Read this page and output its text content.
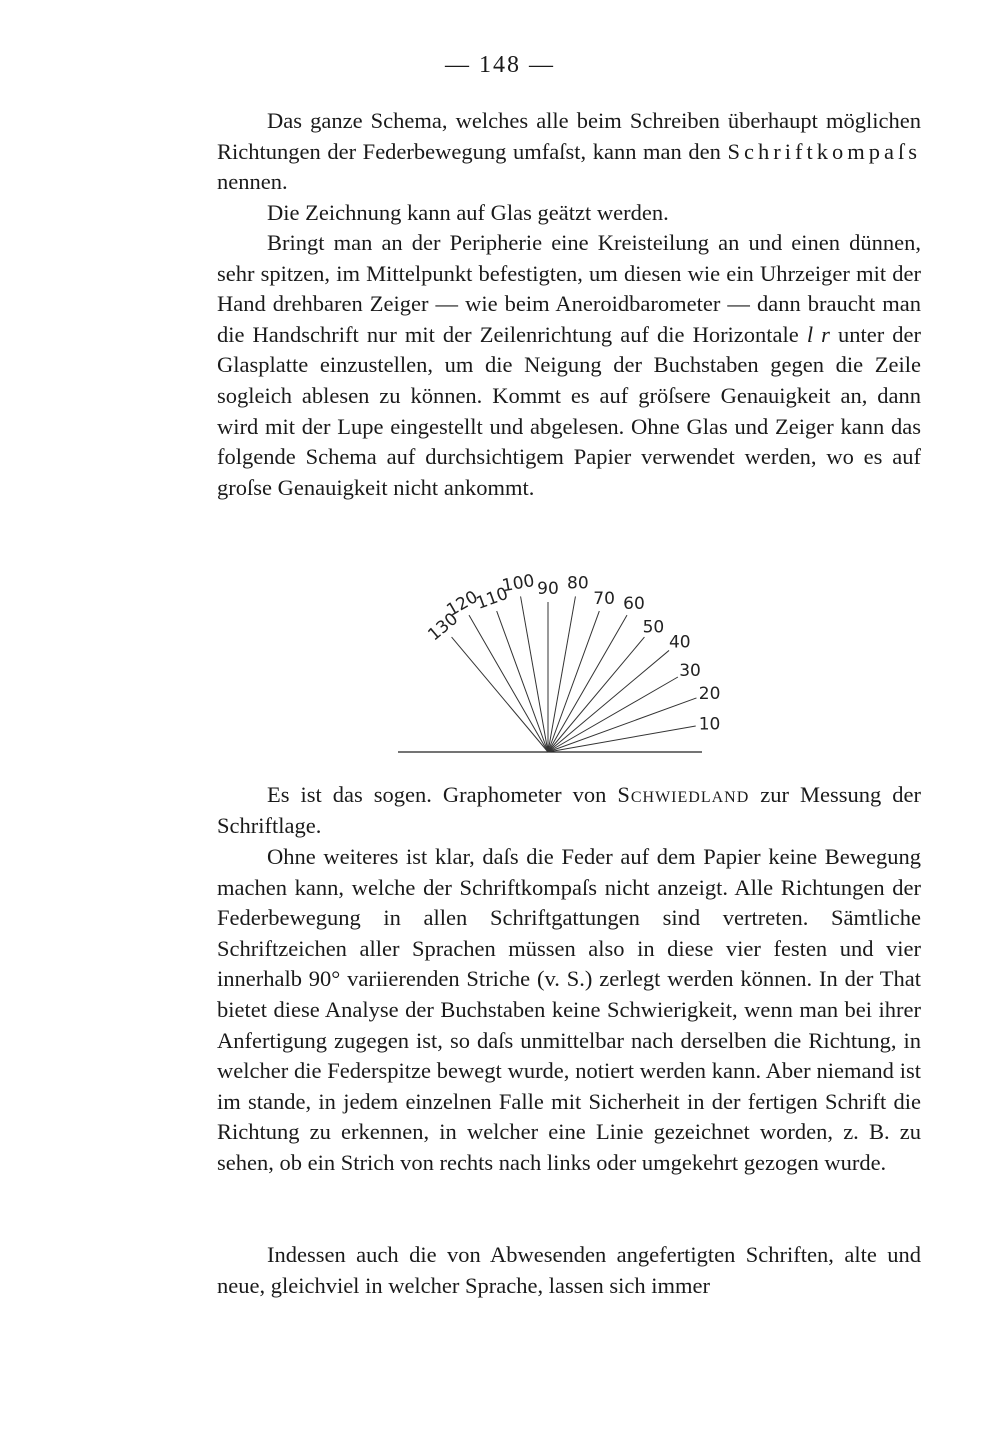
— 148 —

Das ganze Schema, welches alle beim Schreiben überhaupt möglichen Richtungen der Federbewegung umfaſst, kann man den Schriftkompaſs nennen.

Die Zeichnung kann auf Glas geätzt werden.

Bringt man an der Peripherie eine Kreisteilung an und einen dünnen, sehr spitzen, im Mittelpunkt befestigten, um diesen wie ein Uhrzeiger mit der Hand drehbaren Zeiger — wie beim Aneroidbarometer — dann braucht man die Handschrift nur mit der Zeilenrichtung auf die Horizontale l r unter der Glasplatte einzustellen, um die Neigung der Buchstaben gegen die Zeile sogleich ablesen zu können. Kommt es auf gröſsere Genauigkeit an, dann wird mit der Lupe eingestellt und abgelesen. Ohne Glas und Zeiger kann das folgende Schema auf durchsichtigem Papier verwendet werden, wo es auf groſse Genauigkeit nicht ankommt.

10
20
30
40
50
60
70
80
90
100
110
120
130

Es ist das sogen. Graphometer von Schwiedland zur Messung der Schriftlage.

Ohne weiteres ist klar, daſs die Feder auf dem Papier keine Bewegung machen kann, welche der Schriftkompaſs nicht anzeigt. Alle Richtungen der Federbewegung in allen Schriftgattungen sind vertreten. Sämtliche Schriftzeichen aller Sprachen müssen also in diese vier festen und vier innerhalb 90° variierenden Striche (v. S.) zerlegt werden können. In der That bietet diese Analyse der Buchstaben keine Schwierigkeit, wenn man bei ihrer Anfertigung zugegen ist, so daſs unmittelbar nach derselben die Richtung, in welcher die Federspitze bewegt wurde, notiert werden kann. Aber niemand ist im stande, in jedem einzelnen Falle mit Sicherheit in der fertigen Schrift die Richtung zu erkennen, in welcher eine Linie gezeichnet worden, z. B. zu sehen, ob ein Strich von rechts nach links oder umgekehrt gezogen wurde.

Indessen auch die von Abwesenden angefertigten Schriften, alte und neue, gleichviel in welcher Sprache, lassen sich immer
